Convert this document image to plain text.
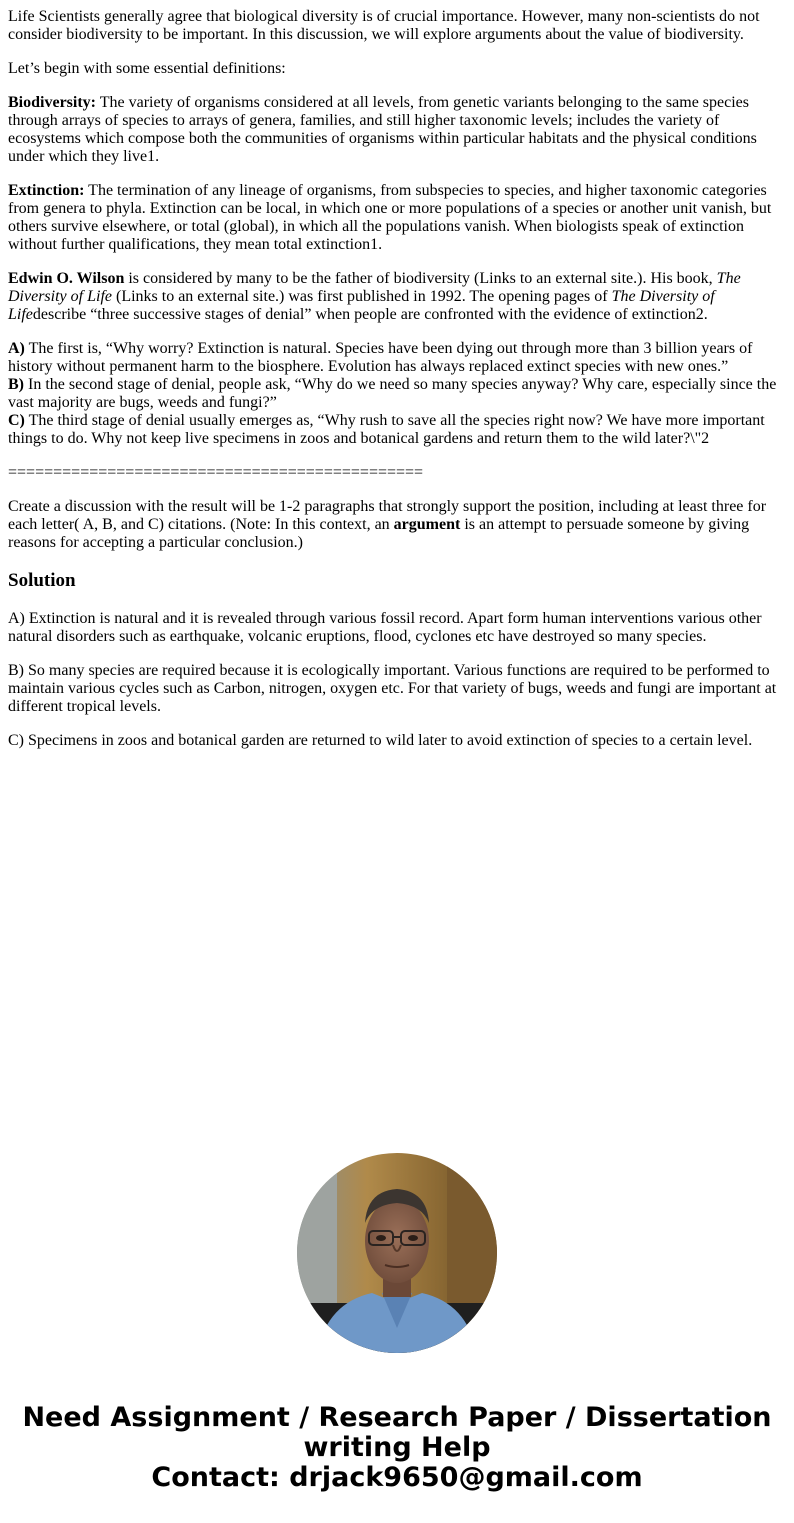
Life Scientists generally agree that biological diversity is of crucial importance. However, many non-scientists do not consider biodiversity to be important. In this discussion, we will explore arguments about the value of biodiversity.

Let’s begin with some essential definitions:

Biodiversity: The variety of organisms considered at all levels, from genetic variants belonging to the same species through arrays of species to arrays of genera, families, and still higher taxonomic levels; includes the variety of ecosystems which compose both the communities of organisms within particular habitats and the physical conditions under which they live1.

Extinction: The termination of any lineage of organisms, from subspecies to species, and higher taxonomic categories from genera to phyla. Extinction can be local, in which one or more populations of a species or another unit vanish, but others survive elsewhere, or total (global), in which all the populations vanish. When biologists speak of extinction without further qualifications, they mean total extinction1.

Edwin O. Wilson is considered by many to be the father of biodiversity (Links to an external site.). His book, The Diversity of Life (Links to an external site.) was first published in 1992. The opening pages of The Diversity of Lifedescribe “three successive stages of denial” when people are confronted with the evidence of extinction2.

A) The first is, “Why worry? Extinction is natural. Species have been dying out through more than 3 billion years of history without permanent harm to the biosphere. Evolution has always replaced extinct species with new ones.”
B) In the second stage of denial, people ask, “Why do we need so many species anyway? Why care, especially since the vast majority are bugs, weeds and fungi?”
C) The third stage of denial usually emerges as, “Why rush to save all the species right now? We have more important things to do. Why not keep live specimens in zoos and botanical gardens and return them to the wild later?\"2

==============================================

Create a discussion with the result will be 1-2 paragraphs that strongly support the position, including at least three for each letter( A, B, and C) citations. (Note: In this context, an argument is an attempt to persuade someone by giving reasons for accepting a particular conclusion.)

Solution

A) Extinction is natural and it is revealed through various fossil record. Apart form human interventions various other natural disorders such as earthquake, volcanic eruptions, flood, cyclones etc have destroyed so many species.

B) So many species are required because it is ecologically important. Various functions are required to be performed to maintain various cycles such as Carbon, nitrogen, oxygen etc. For that variety of bugs, weeds and fungi are important at different tropical levels.

C) Specimens in zoos and botanical garden are returned to wild later to avoid extinction of species to a certain level.

Need Assignment / Research Paper / Dissertation
writing Help
Contact: drjack9650@gmail.com
